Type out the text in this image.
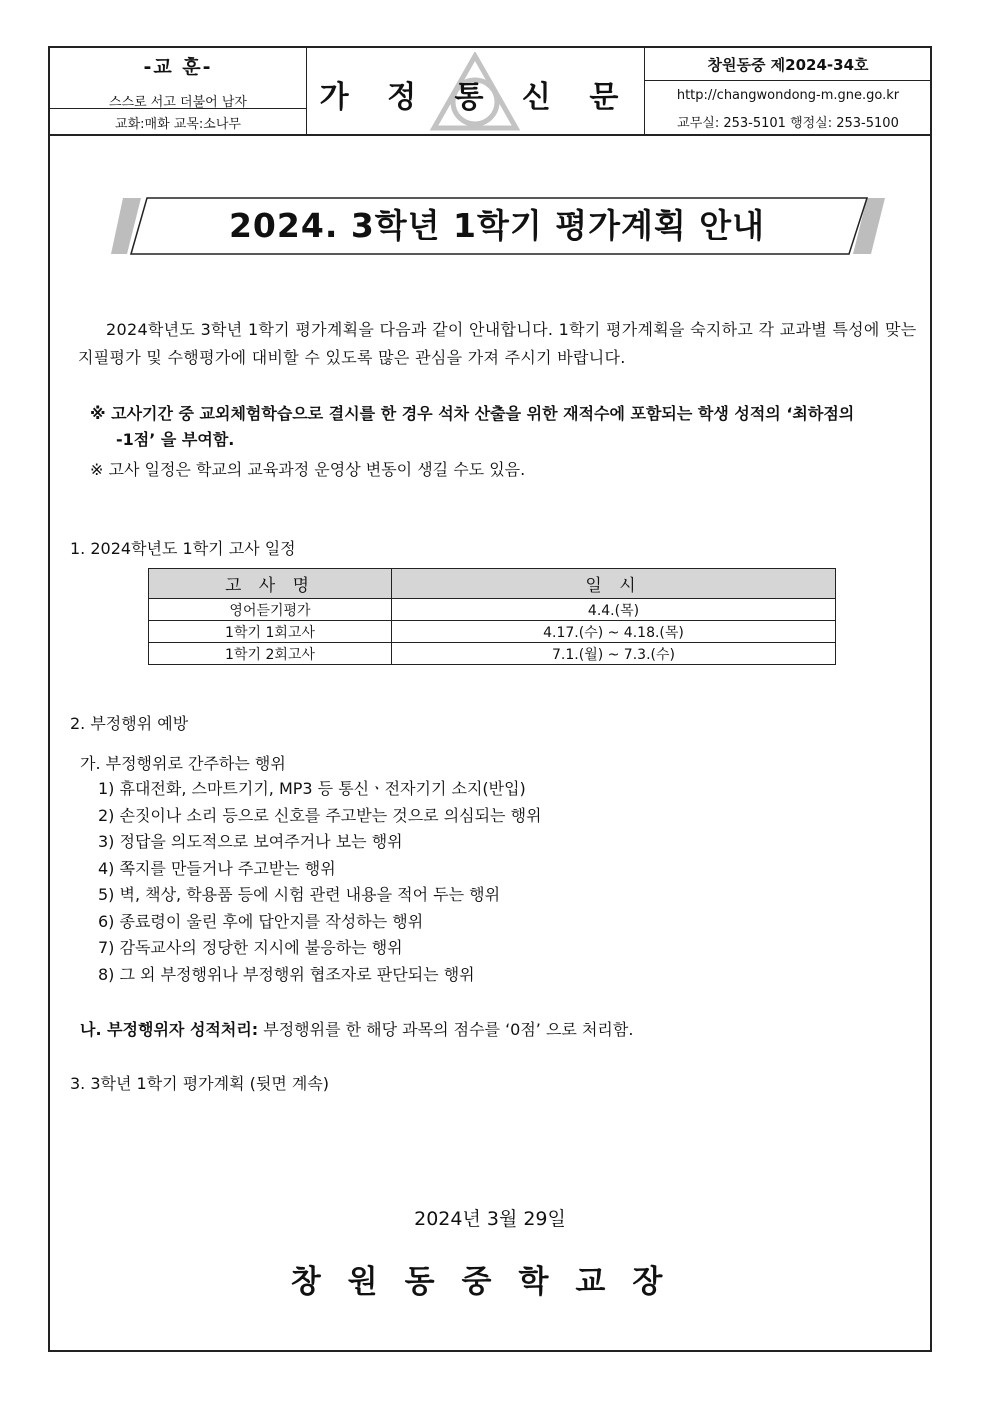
-교 훈-
스스로 서고 더불어 남자
교화:매화 교목:소나무
가 정 통 신 문
창원동중 제2024-34호
http://changwondong-m.gne.go.kr
교무실: 253-5101 행정실: 253-5100
2024. 3학년 1학기 평가계획 안내
2024학년도 3학년 1학기 평가계획을 다음과 같이 안내합니다. 1학기 평가계획을 숙지하고 각 교과별 특성에 맞는 지필평가 및 수행평가에 대비할 수 있도록 많은 관심을 가져 주시기 바랍니다.
※ 고사기간 중 교외체험학습으로 결시를 한 경우 석차 산출을 위한 재적수에 포함되는 학생 성적의 ‘최하점의
-1점’ 을 부여함.
※ 고사 일정은 학교의 교육과정 운영상 변동이 생길 수도 있음.
1. 2024학년도 1학기 고사 일정
고 사 명	일 시
영어듣기평가	4.4.(목)
1학기 1회고사	4.17.(수) ~ 4.18.(목)
1학기 2회고사	7.1.(월) ~ 7.3.(수)
2. 부정행위 예방
가. 부정행위로 간주하는 행위
1) 휴대전화, 스마트기기, MP3 등 통신ㆍ전자기기 소지(반입)
2) 손짓이나 소리 등으로 신호를 주고받는 것으로 의심되는 행위
3) 정답을 의도적으로 보여주거나 보는 행위
4) 쪽지를 만들거나 주고받는 행위
5) 벽, 책상, 학용품 등에 시험 관련 내용을 적어 두는 행위
6) 종료령이 울린 후에 답안지를 작성하는 행위
7) 감독교사의 정당한 지시에 불응하는 행위
8) 그 외 부정행위나 부정행위 협조자로 판단되는 행위
나. 부정행위자 성적처리: 부정행위를 한 해당 과목의 점수를 ‘0점’ 으로 처리함.
3. 3학년 1학기 평가계획 (뒷면 계속)
2024년 3월 29일
창원동중학교장
